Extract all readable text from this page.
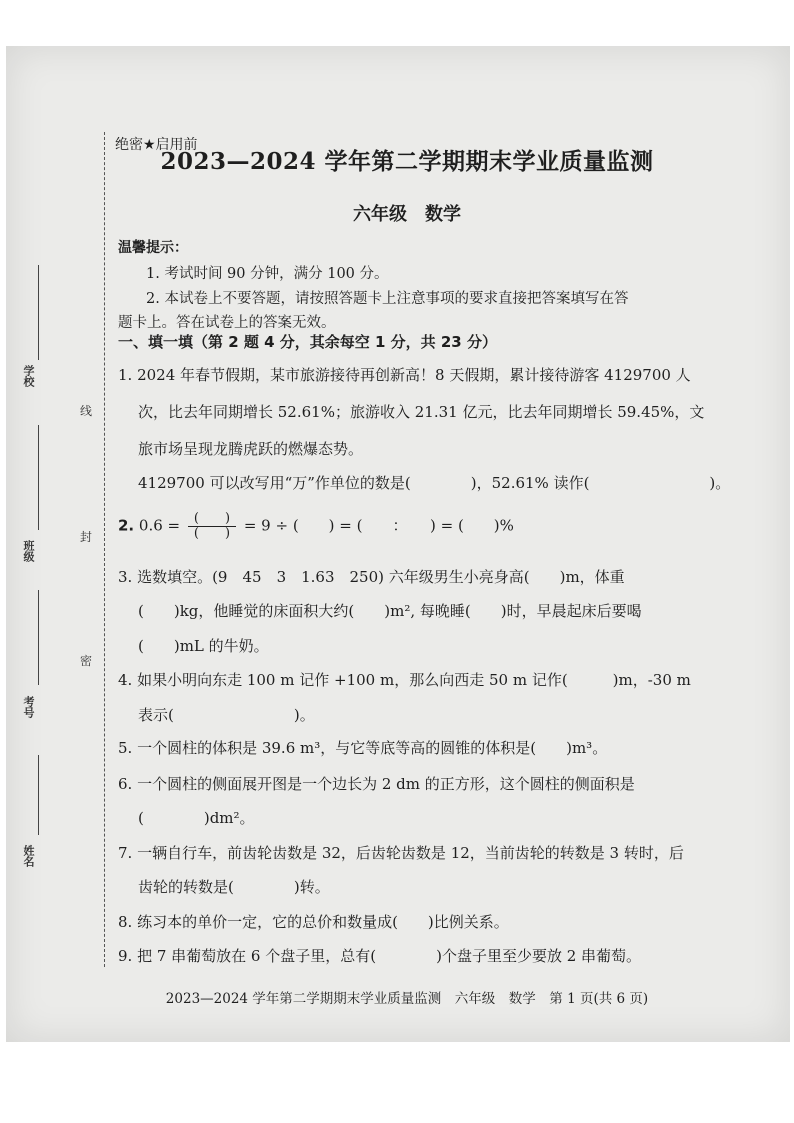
学校
班级
考号
姓名
线
封
密
绝密★启用前
2023—2024 学年第二学期期末学业质量监测
六年级　数学
温馨提示：
1. 考试时间 90 分钟，满分 100 分。
2. 本试卷上不要答题，请按照答题卡上注意事项的要求直接把答案填写在答
题卡上。答在试卷上的答案无效。
一、填一填（第 2 题 4 分，其余每空 1 分，共 23 分）
1. 2024 年春节假期，某市旅游接待再创新高！8 天假期，累计接待游客 4129700 人
次，比去年同期增长 52.61%；旅游收入 21.31 亿元，比去年同期增长 59.45%，文
旅市场呈现龙腾虎跃的燃爆态势。
4129700 可以改写用“万”作单位的数是(　　　　)，52.61% 读作(　　　　　　　　)。
2. $0.6 = \frac{( )}{( )} = 9$ ÷ (　　) = (　　：　　) = (　　)%
3. 选数填空。(9　45　3　1.63　250) 六年级男生小亮身高(　　)m，体重
(　　)kg，他睡觉的床面积大约(　　)m², 每晚睡(　　)时，早晨起床后要喝
(　　)mL 的牛奶。
4. 如果小明向东走 100 m 记作 +100 m，那么向西走 50 m 记作(　　　)m，-30 m
表示(　　　　　　　　)。
5. 一个圆柱的体积是 39.6 m³，与它等底等高的圆锥的体积是(　　)m³。
6. 一个圆柱的侧面展开图是一个边长为 2 dm 的正方形，这个圆柱的侧面积是
(　　　　)dm²。
7. 一辆自行车，前齿轮齿数是 32，后齿轮齿数是 12，当前齿轮的转数是 3 转时，后
齿轮的转数是(　　　　)转。
8. 练习本的单价一定，它的总价和数量成(　　)比例关系。
9. 把 7 串葡萄放在 6 个盘子里，总有(　　　　)个盘子里至少要放 2 串葡萄。
2023—2024 学年第二学期期末学业质量监测　六年级　数学　第 1 页(共 6 页)
